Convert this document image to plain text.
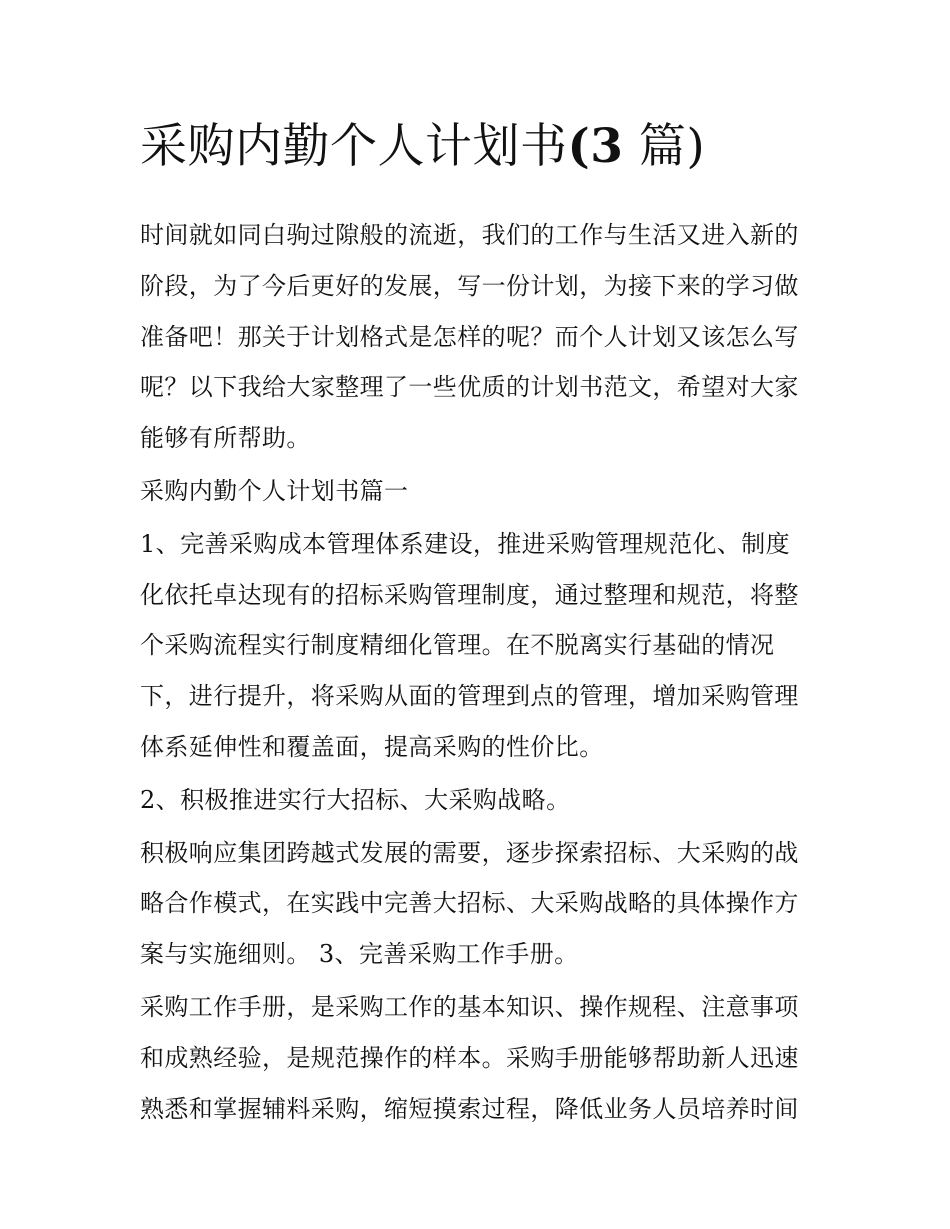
采购内勤个人计划书(3 篇)

时间就如同白驹过隙般的流逝，我们的工作与生活又进入新的
阶段，为了今后更好的发展，写一份计划，为接下来的学习做
准备吧！那关于计划格式是怎样的呢？而个人计划又该怎么写
呢？以下我给大家整理了一些优质的计划书范文，希望对大家
能够有所帮助。

采购内勤个人计划书篇一

1、完善采购成本管理体系建设，推进采购管理规范化、制度
化依托卓达现有的招标采购管理制度，通过整理和规范，将整
个采购流程实行制度精细化管理。在不脱离实行基础的情况
下，进行提升，将采购从面的管理到点的管理，增加采购管理
体系延伸性和覆盖面，提高采购的性价比。

2、积极推进实行大招标、大采购战略。

积极响应集团跨越式发展的需要，逐步探索招标、大采购的战
略合作模式，在实践中完善大招标、大采购战略的具体操作方
案与实施细则。 3、完善采购工作手册。

采购工作手册，是采购工作的基本知识、操作规程、注意事项
和成熟经验，是规范操作的样本。采购手册能够帮助新人迅速
熟悉和掌握辅料采购，缩短摸索过程，降低业务人员培养时间
